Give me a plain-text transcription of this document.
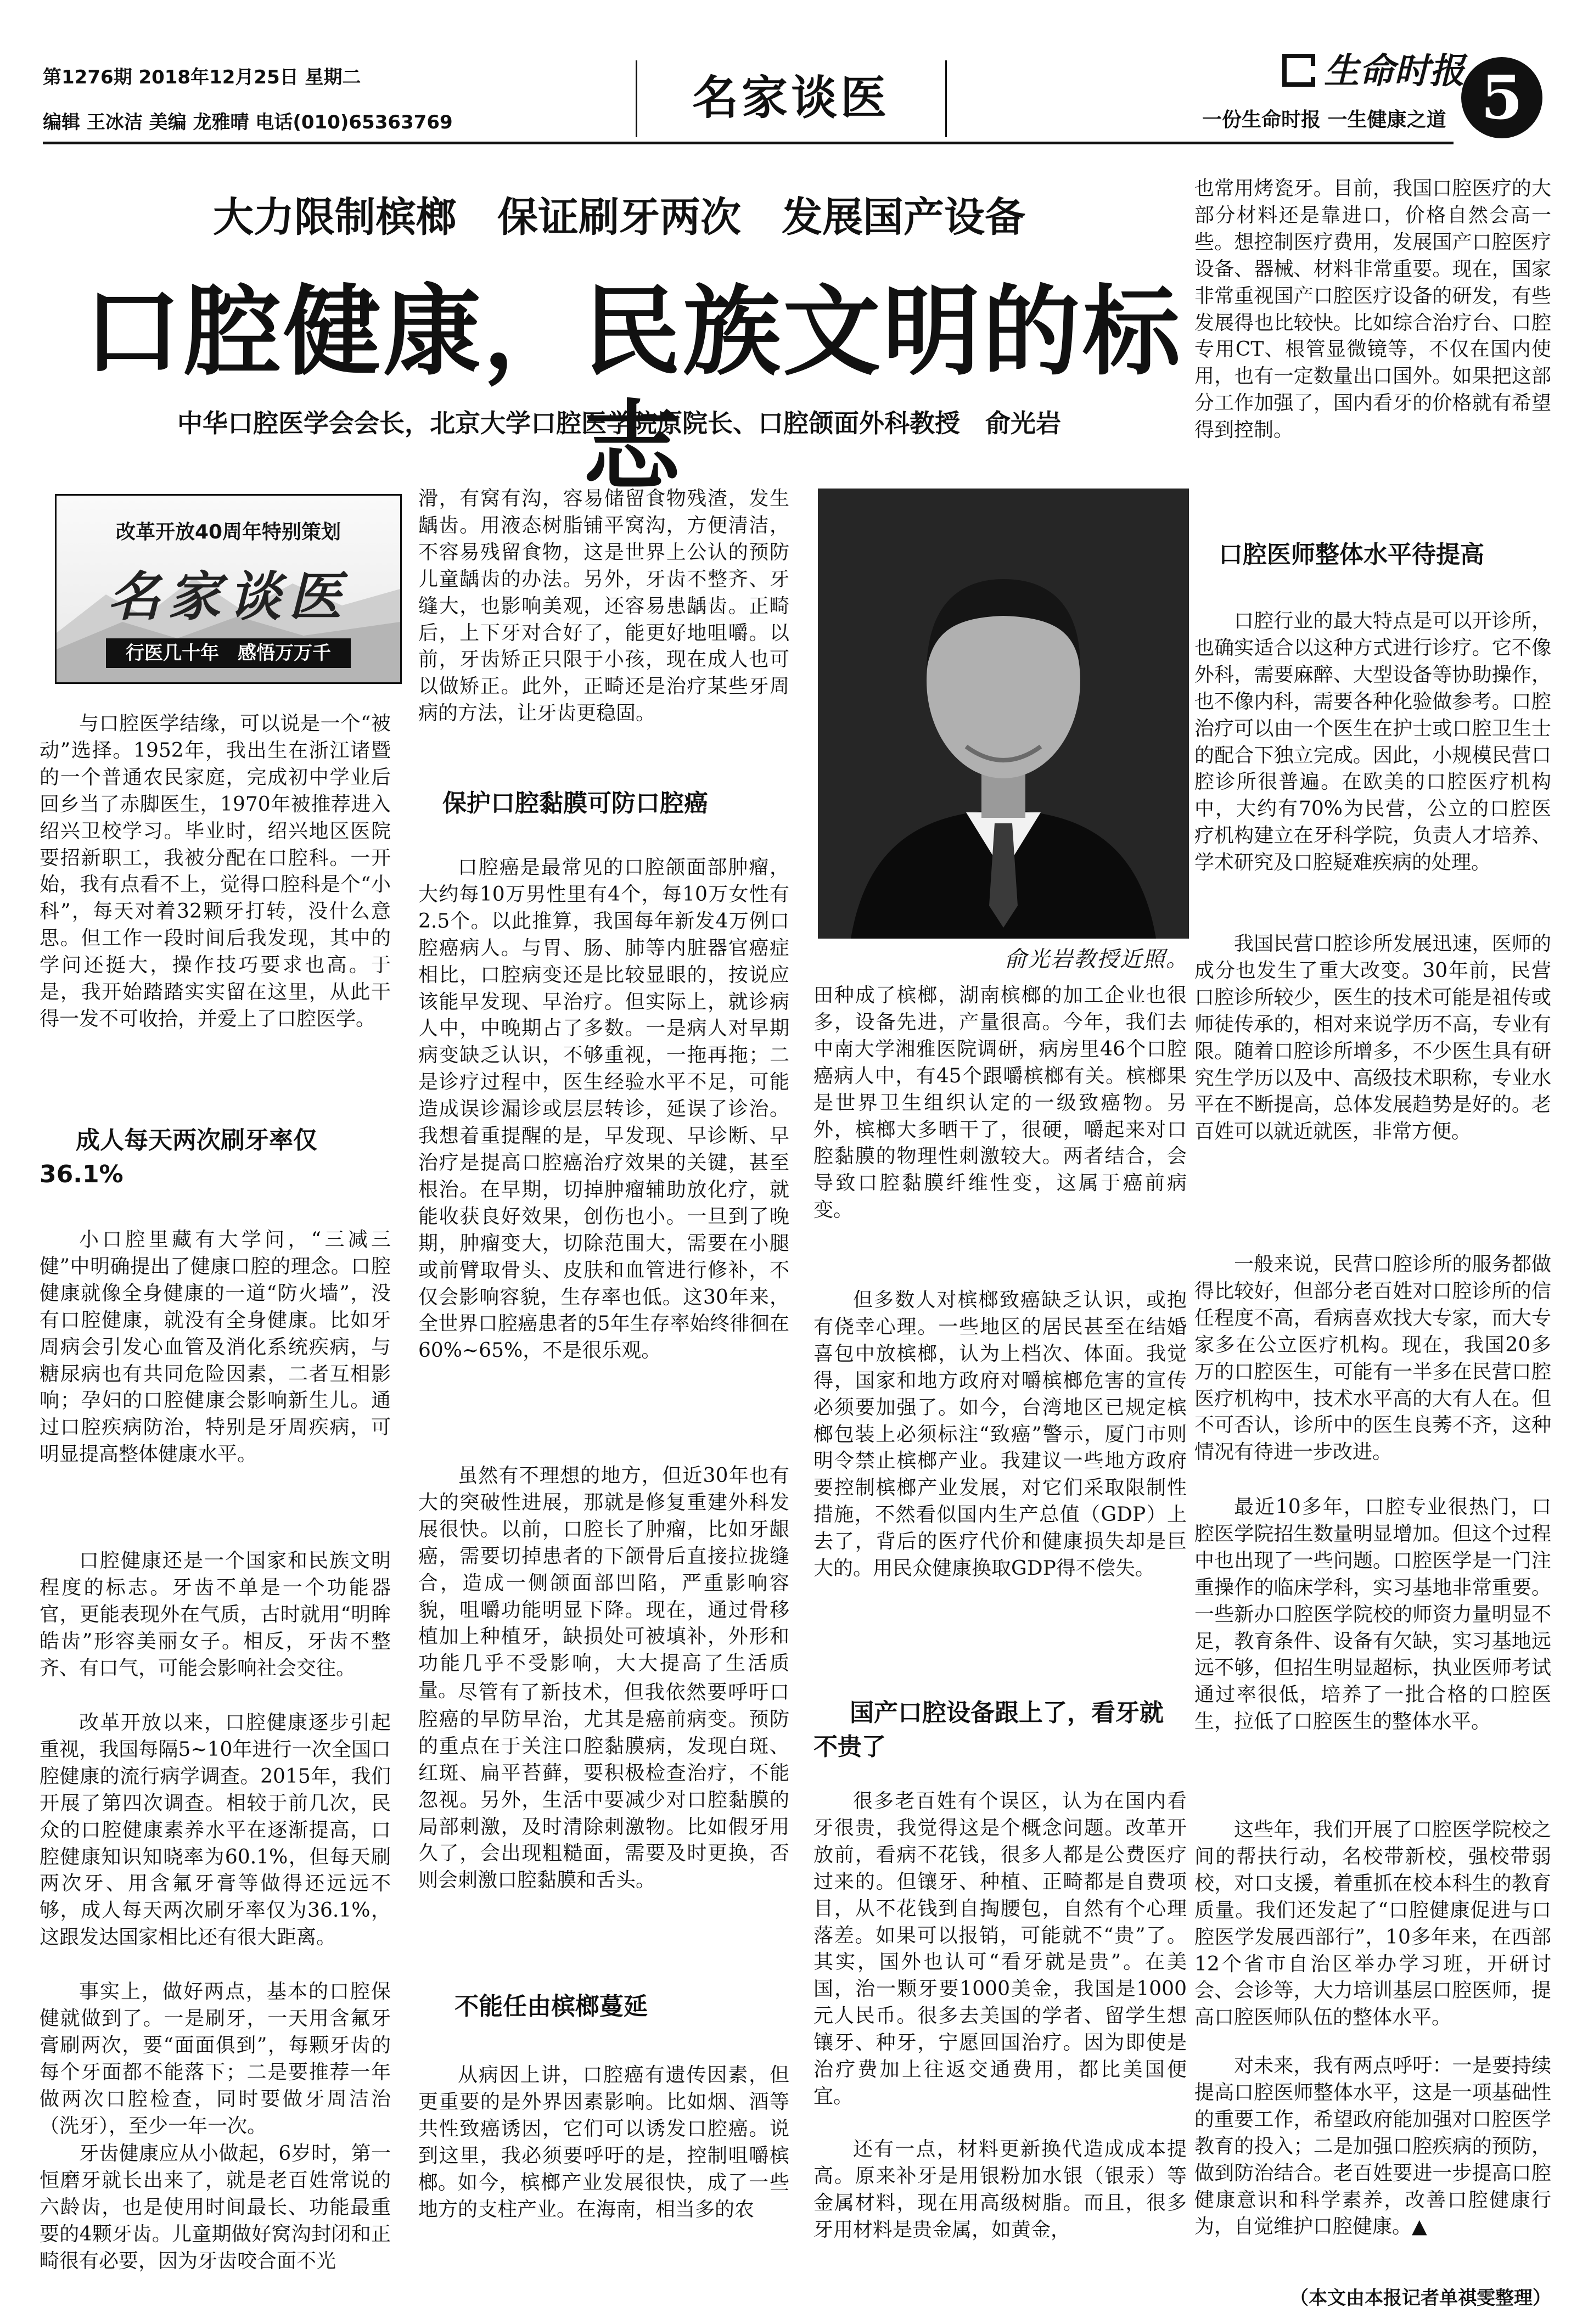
第1276期 2018年12月25日 星期二
编辑 王冰洁 美编 龙雅晴 电话(010)65363769	名家谈医	生命时报
一份生命时报 一生健康之道 5
大力限制槟榔　保证刷牙两次　发展国产设备
口腔健康，民族文明的标志
中华口腔医学会会长，北京大学口腔医学院原院长、口腔颌面外科教授　俞光岩
改革开放40周年特别策划
名家谈医
行医几十年　感悟万万千

与口腔医学结缘，可以说是一个“被动”选择。1952年，我出生在浙江诸暨的一个普通农民家庭，完成初中学业后回乡当了赤脚医生，1970年被推荐进入绍兴卫校学习。毕业时，绍兴地区医院要招新职工，我被分配在口腔科。一开始，我有点看不上，觉得口腔科是个“小科”，每天对着32颗牙打转，没什么意思。但工作一段时间后我发现，其中的学问还挺大，操作技巧要求也高。于是，我开始踏踏实实留在这里，从此干得一发不可收拾，并爱上了口腔医学。

成人每天两次刷牙率仅36.1%

小口腔里藏有大学问，“三减三健”中明确提出了健康口腔的理念。口腔健康就像全身健康的一道“防火墙”，没有口腔健康，就没有全身健康。比如牙周病会引发心血管及消化系统疾病，与糖尿病也有共同危险因素，二者互相影响；孕妇的口腔健康会影响新生儿。通过口腔疾病防治，特别是牙周疾病，可明显提高整体健康水平。

口腔健康还是一个国家和民族文明程度的标志。牙齿不单是一个功能器官，更能表现外在气质，古时就用“明眸皓齿”形容美丽女子。相反，牙齿不整齐、有口气，可能会影响社会交往。

改革开放以来，口腔健康逐步引起重视，我国每隔5~10年进行一次全国口腔健康的流行病学调查。2015年，我们开展了第四次调查。相较于前几次，民众的口腔健康素养水平在逐渐提高，口腔健康知识知晓率为60.1%，但每天刷两次牙、用含氟牙膏等做得还远远不够，成人每天两次刷牙率仅为36.1%，这跟发达国家相比还有很大距离。

事实上，做好两点，基本的口腔保健就做到了。一是刷牙，一天用含氟牙膏刷两次，要“面面俱到”，每颗牙齿的每个牙面都不能落下；二是要推荐一年做两次口腔检查，同时要做牙周洁治（洗牙），至少一年一次。

牙齿健康应从小做起，6岁时，第一恒磨牙就长出来了，就是老百姓常说的六龄齿，也是使用时间最长、功能最重要的4颗牙齿。儿童期做好窝沟封闭和正畸很有必要，因为牙齿咬合面不光

滑，有窝有沟，容易储留食物残渣，发生龋齿。用液态树脂铺平窝沟，方便清洁，不容易残留食物，这是世界上公认的预防儿童龋齿的办法。另外，牙齿不整齐、牙缝大，也影响美观，还容易患龋齿。正畸后，上下牙对合好了，能更好地咀嚼。以前，牙齿矫正只限于小孩，现在成人也可以做矫正。此外，正畸还是治疗某些牙周病的方法，让牙齿更稳固。

保护口腔黏膜可防口腔癌

口腔癌是最常见的口腔颌面部肿瘤，大约每10万男性里有4个，每10万女性有2.5个。以此推算，我国每年新发4万例口腔癌病人。与胃、肠、肺等内脏器官癌症相比，口腔病变还是比较显眼的，按说应该能早发现、早治疗。但实际上，就诊病人中，中晚期占了多数。一是病人对早期病变缺乏认识，不够重视，一拖再拖；二是诊疗过程中，医生经验水平不足，可能造成误诊漏诊或层层转诊，延误了诊治。我想着重提醒的是，早发现、早诊断、早治疗是提高口腔癌治疗效果的关键，甚至根治。在早期，切掉肿瘤辅助放化疗，就能收获良好效果，创伤也小。一旦到了晚期，肿瘤变大，切除范围大，需要在小腿或前臂取骨头、皮肤和血管进行修补，不仅会影响容貌，生存率也低。这30年来，全世界口腔癌患者的5年生存率始终徘徊在60%~65%，不是很乐观。

虽然有不理想的地方，但近30年也有大的突破性进展，那就是修复重建外科发展很快。以前，口腔长了肿瘤，比如牙龈癌，需要切掉患者的下颌骨后直接拉拢缝合，造成一侧颌面部凹陷，严重影响容貌，咀嚼功能明显下降。现在，通过骨移植加上种植牙，缺损处可被填补，外形和功能几乎不受影响，大大提高了生活质量。 尽管有了新技术，但我依然要呼吁口腔癌的早防早治，尤其是癌前病变。预防的重点在于关注口腔黏膜病，发现白斑、红斑、扁平苔藓，要积极检查治疗，不能忽视。另外，生活中要减少对口腔黏膜的局部刺激，及时清除刺激物。比如假牙用久了，会出现粗糙面，需要及时更换，否则会刺激口腔黏膜和舌头。

不能任由槟榔蔓延

从病因上讲，口腔癌有遗传因素，但更重要的是外界因素影响。比如烟、酒等共性致癌诱因，它们可以诱发口腔癌。说到这里，我必须要呼吁的是，控制咀嚼槟榔。 如今，槟榔产业发展很快，成了一些地方的支柱产业。在海南，相当多的农

俞光岩教授近照。

田种成了槟榔，湖南槟榔的加工企业也很多，设备先进，产量很高。今年，我们去中南大学湘雅医院调研，病房里46个口腔癌病人中，有45个跟嚼槟榔有关。槟榔果是世界卫生组织认定的一级致癌物。另外，槟榔大多晒干了，很硬，嚼起来对口腔黏膜的物理性刺激较大。两者结合，会导致口腔黏膜纤维性变，这属于癌前病变。

但多数人对槟榔致癌缺乏认识，或抱有侥幸心理。一些地区的居民甚至在结婚喜包中放槟榔，认为上档次、体面。我觉得，国家和地方政府对嚼槟榔危害的宣传必须要加强了。如今，台湾地区已规定槟榔包装上必须标注“致癌”警示，厦门市则明令禁止槟榔产业。我建议一些地方政府要控制槟榔产业发展，对它们采取限制性措施，不然看似国内生产总值（GDP）上去了，背后的医疗代价和健康损失却是巨大的。用民众健康换取GDP得不偿失。

国产口腔设备跟上了，看牙就不贵了

很多老百姓有个误区，认为在国内看牙很贵，我觉得这是个概念问题。改革开放前，看病不花钱，很多人都是公费医疗过来的。但镶牙、种植、正畸都是自费项目，从不花钱到自掏腰包，自然有个心理落差。如果可以报销，可能就不“贵”了。其实，国外也认可“看牙就是贵”。在美国，治一颗牙要1000美金，我国是1000元人民币。很多去美国的学者、留学生想镶牙、种牙，宁愿回国治疗。因为即使是治疗费加上往返交通费用，都比美国便宜。

还有一点，材料更新换代造成成本提高。原来补牙是用银粉加水银（银汞）等金属材料，现在用高级树脂。而且，很多牙用材料是贵金属，如黄金，

也常用烤瓷牙。目前，我国口腔医疗的大部分材料还是靠进口，价格自然会高一些。想控制医疗费用，发展国产口腔医疗设备、器械、材料非常重要。现在，国家非常重视国产口腔医疗设备的研发，有些发展得也比较快。比如综合治疗台、口腔专用CT、根管显微镜等，不仅在国内使用，也有一定数量出口国外。如果把这部分工作加强了，国内看牙的价格就有希望得到控制。

口腔医师整体水平待提高

口腔行业的最大特点是可以开诊所，也确实适合以这种方式进行诊疗。它不像外科，需要麻醉、大型设备等协助操作，也不像内科，需要各种化验做参考。口腔治疗可以由一个医生在护士或口腔卫生士的配合下独立完成。因此，小规模民营口腔诊所很普遍。在欧美的口腔医疗机构中，大约有70%为民营，公立的口腔医疗机构建立在牙科学院，负责人才培养、学术研究及口腔疑难疾病的处理。

我国民营口腔诊所发展迅速，医师的成分也发生了重大改变。30年前，民营口腔诊所较少，医生的技术可能是祖传或师徒传承的，相对来说学历不高，专业有限。随着口腔诊所增多，不少医生具有研究生学历以及中、高级技术职称，专业水平在不断提高，总体发展趋势是好的。老百姓可以就近就医，非常方便。

一般来说，民营口腔诊所的服务都做得比较好，但部分老百姓对口腔诊所的信任程度不高，看病喜欢找大专家，而大专家多在公立医疗机构。现在，我国20多万的口腔医生，可能有一半多在民营口腔医疗机构中，技术水平高的大有人在。但不可否认，诊所中的医生良莠不齐，这种情况有待进一步改进。

最近10多年，口腔专业很热门，口腔医学院招生数量明显增加。但这个过程中也出现了一些问题。口腔医学是一门注重操作的临床学科，实习基地非常重要。一些新办口腔医学院校的师资力量明显不足，教育条件、设备有欠缺，实习基地远远不够，但招生明显超标，执业医师考试通过率很低，培养了一批合格的口腔医生，拉低了口腔医生的整体水平。

这些年，我们开展了口腔医学院校之间的帮扶行动，名校带新校，强校带弱校，对口支援，着重抓在校本科生的教育质量。我们还发起了“口腔健康促进与口腔医学发展西部行”，10多年来，在西部12个省市自治区举办学习班，开研讨会、会诊等，大力培训基层口腔医师，提高口腔医师队伍的整体水平。

对未来，我有两点呼吁：一是要持续提高口腔医师整体水平，这是一项基础性的重要工作，希望政府能加强对口腔医学教育的投入；二是加强口腔疾病的预防，做到防治结合。老百姓要进一步提高口腔健康意识和科学素养，改善口腔健康行为，自觉维护口腔健康。▲

（本文由本报记者单祺雯整理）
